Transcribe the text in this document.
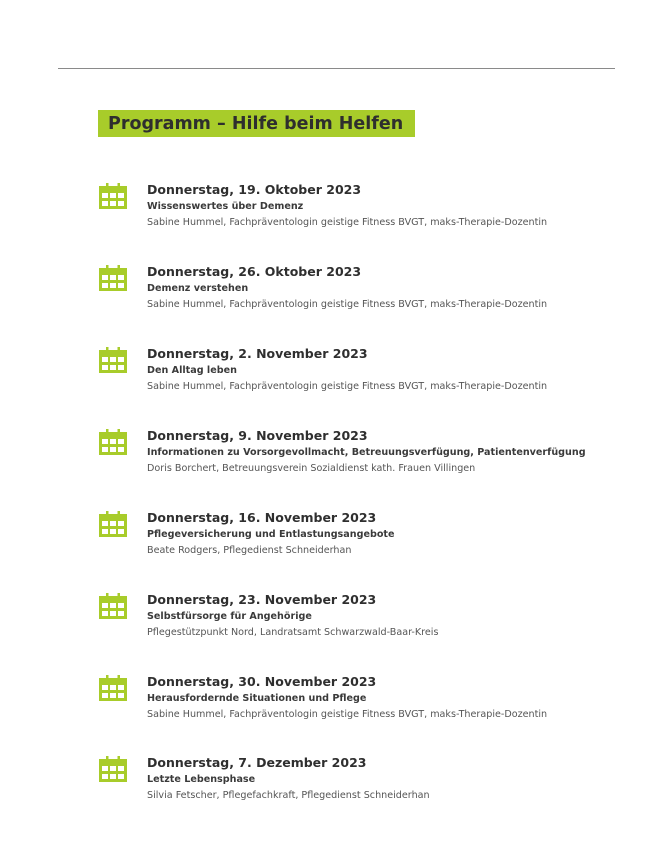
Programm – Hilfe beim Helfen
Donnerstag, 19. Oktober 2023
Wissenswertes über Demenz
Sabine Hummel, Fachpräventologin geistige Fitness BVGT, maks-Therapie-Dozentin
Donnerstag, 26. Oktober 2023
Demenz verstehen
Sabine Hummel, Fachpräventologin geistige Fitness BVGT, maks-Therapie-Dozentin
Donnerstag, 2. November 2023
Den Alltag leben
Sabine Hummel, Fachpräventologin geistige Fitness BVGT, maks-Therapie-Dozentin
Donnerstag, 9. November 2023
Informationen zu Vorsorgevollmacht, Betreuungsverfügung, Patientenverfügung
Doris Borchert, Betreuungsverein Sozialdienst kath. Frauen Villingen
Donnerstag, 16. November 2023
Pflegeversicherung und Entlastungsangebote
Beate Rodgers, Pflegedienst Schneiderhan
Donnerstag, 23. November 2023
Selbstfürsorge für Angehörige
Pflegestützpunkt Nord, Landratsamt Schwarzwald-Baar-Kreis
Donnerstag, 30. November 2023
Herausfordernde Situationen und Pflege
Sabine Hummel, Fachpräventologin geistige Fitness BVGT, maks-Therapie-Dozentin
Donnerstag, 7. Dezember 2023
Letzte Lebensphase
Silvia Fetscher, Pflegefachkraft, Pflegedienst Schneiderhan
